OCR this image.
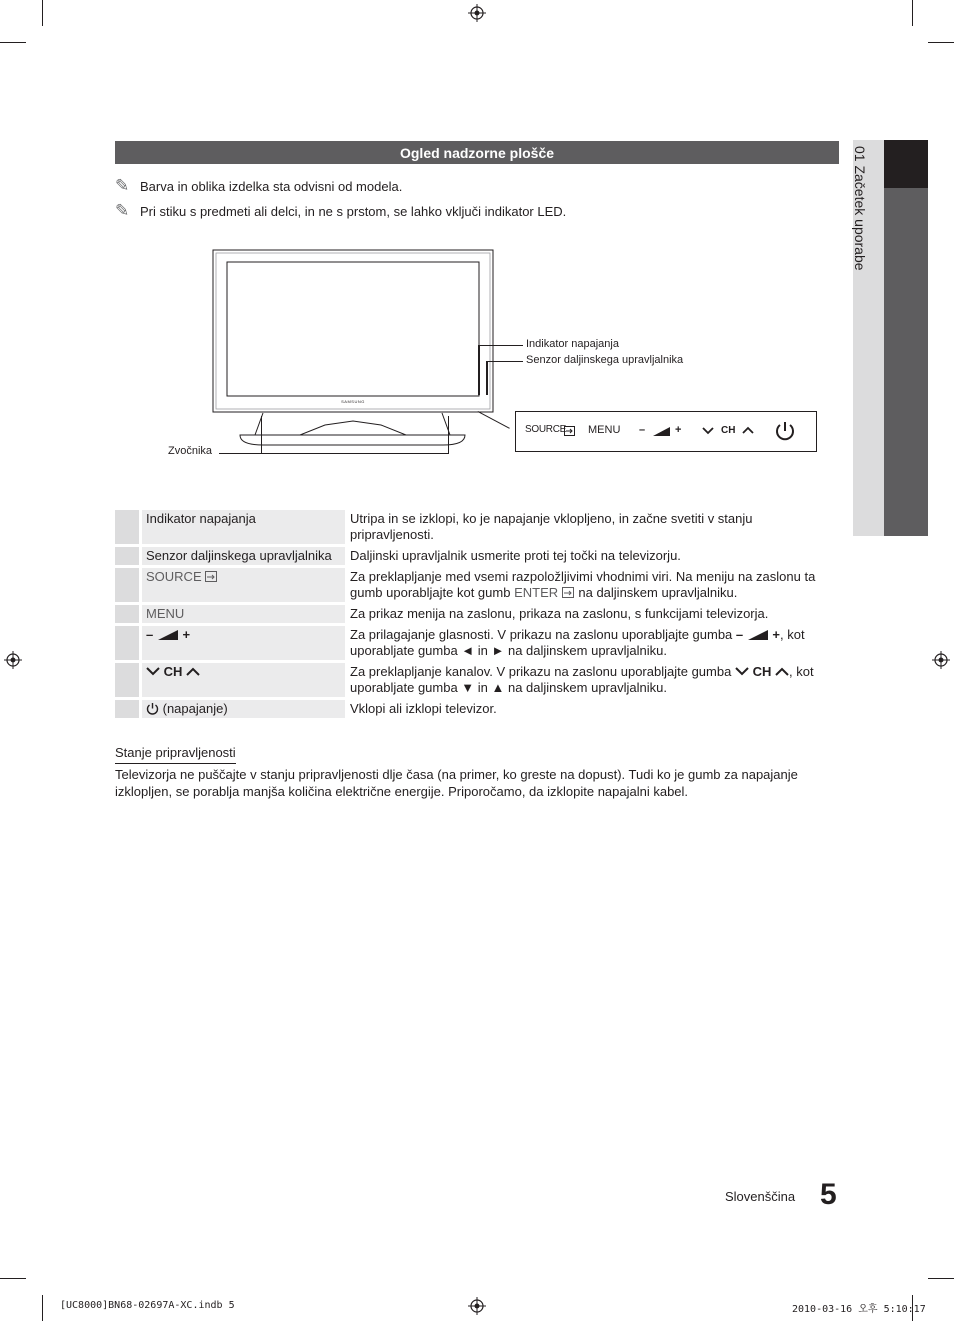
01 Začetek uporabe
Ogled nadzorne plošče
✎ Barva in oblika izdelka sta odvisni od modela.
✎ Pri stiku s predmeti ali delci, in ne s prstom, se lahko vključi indikator LED.
SAMSUNG
Indikator napajanja
Senzor daljinskega upravljalnika
Zvočnika
SOURCE MENU –	+	CH
		Indikator napajanja	Utripa in se izklopi, ko je napajanje vklopljeno, in začne svetiti v stanju pripravljenosti.
		Senzor daljinskega upravljalnika	Daljinski upravljalnik usmerite proti tej točki na televizorju.
		SOURCE	Za preklapljanje med vsemi razpoložljivimi vhodnimi viri. Na meniju na zaslonu ta gumb uporabljajte kot gumb ENTER na daljinskem upravljalniku.
		MENU	Za prikaz menija na zaslonu, prikaza na zaslonu, s funkcijami televizorja.
		– +	Za prilagajanje glasnosti. V prikazu na zaslonu uporabljajte gumba – +, kot uporabljate gumba ◄ in ► na daljinskem upravljalniku.
		CH	Za preklapljanje kanalov. V prikazu na zaslonu uporabljajte gumba CH , kot uporabljate gumba ▼ in ▲ na daljinskem upravljalniku.
		(napajanje)	Vklopi ali izklopi televizor.
Stanje pripravljenosti
Televizorja ne puščajte v stanju pripravljenosti dlje časa (na primer, ko greste na dopust). Tudi ko je gumb za napajanje izklopljen, se porablja manjša količina električne energije. Priporočamo, da izklopite napajalni kabel.
Slovenščina 5
[UC8000]BN68-02697A-XC.indb 5	2010-03-16 오후 5:10:17
